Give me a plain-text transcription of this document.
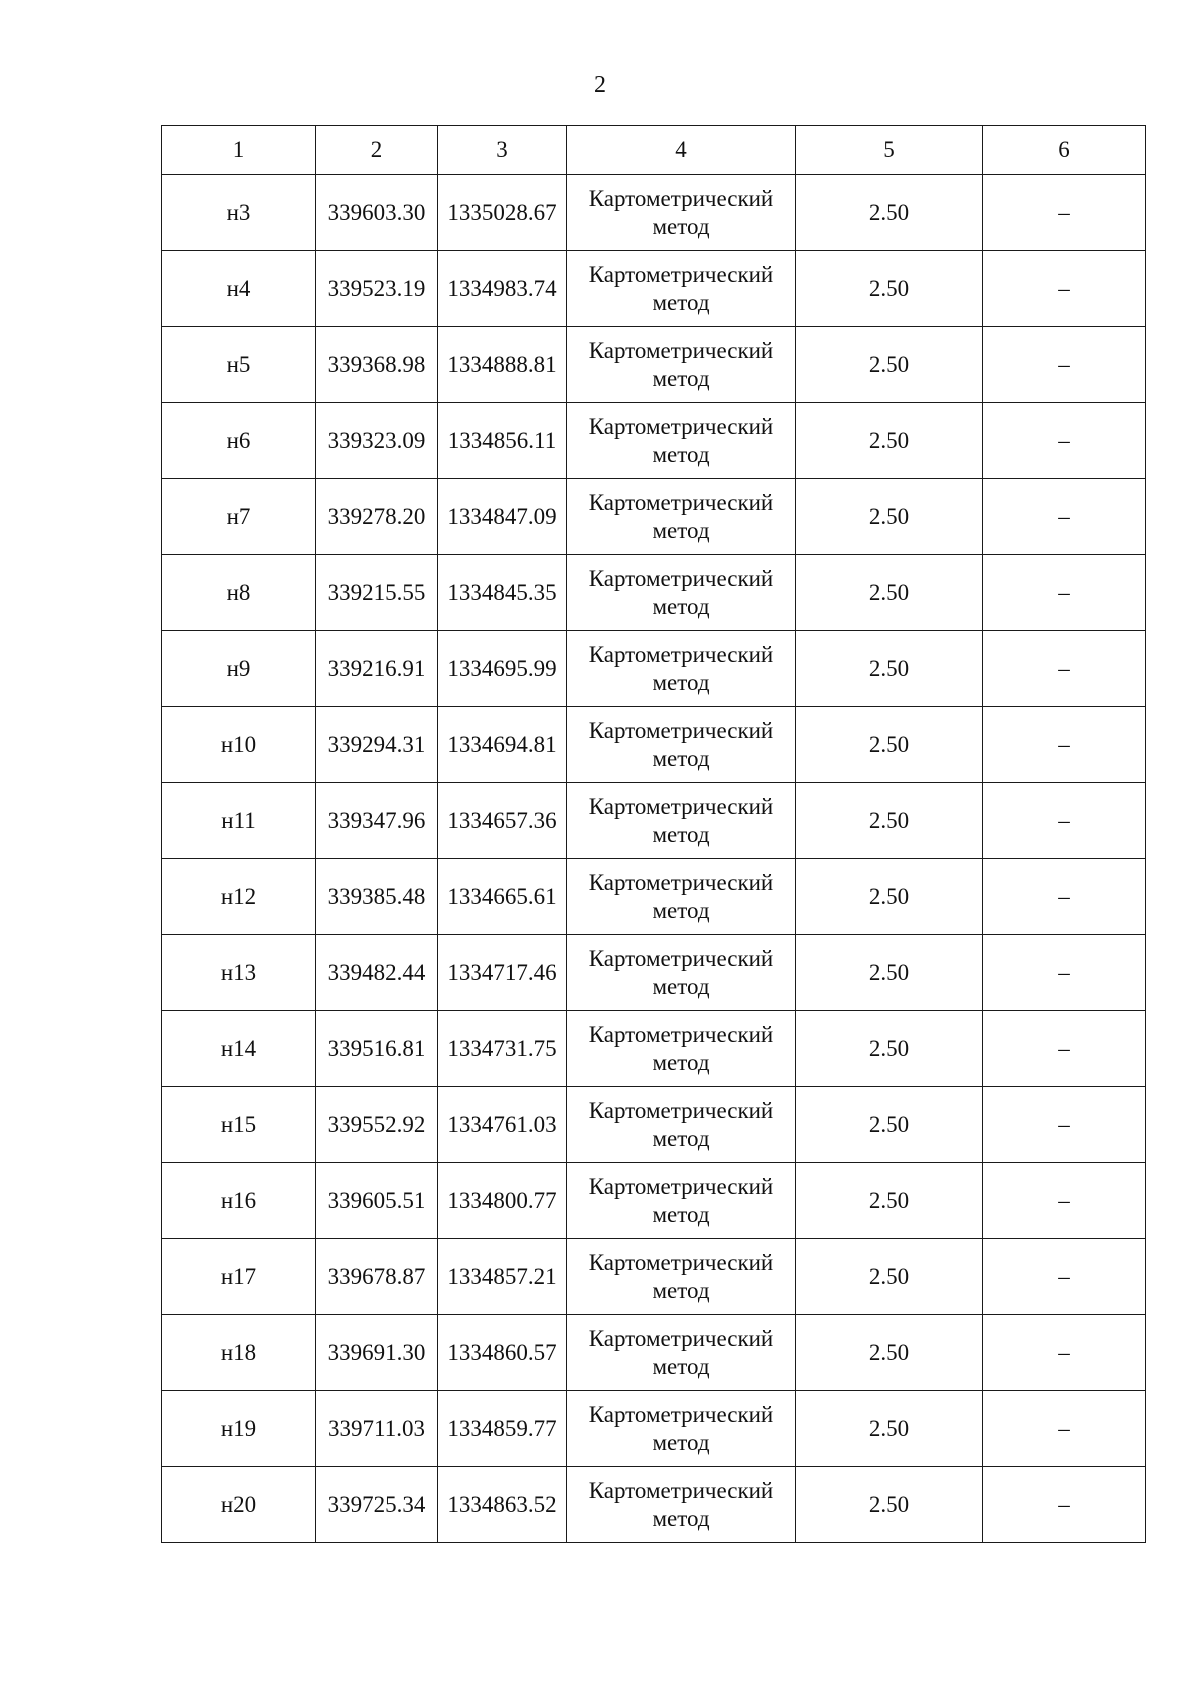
2
1	2	3	4	5	6
н3	339603.30	1335028.67	Картометрический метод	2.50	–
н4	339523.19	1334983.74	Картометрический метод	2.50	–
н5	339368.98	1334888.81	Картометрический метод	2.50	–
н6	339323.09	1334856.11	Картометрический метод	2.50	–
н7	339278.20	1334847.09	Картометрический метод	2.50	–
н8	339215.55	1334845.35	Картометрический метод	2.50	–
н9	339216.91	1334695.99	Картометрический метод	2.50	–
н10	339294.31	1334694.81	Картометрический метод	2.50	–
н11	339347.96	1334657.36	Картометрический метод	2.50	–
н12	339385.48	1334665.61	Картометрический метод	2.50	–
н13	339482.44	1334717.46	Картометрический метод	2.50	–
н14	339516.81	1334731.75	Картометрический метод	2.50	–
н15	339552.92	1334761.03	Картометрический метод	2.50	–
н16	339605.51	1334800.77	Картометрический метод	2.50	–
н17	339678.87	1334857.21	Картометрический метод	2.50	–
н18	339691.30	1334860.57	Картометрический метод	2.50	–
н19	339711.03	1334859.77	Картометрический метод	2.50	–
н20	339725.34	1334863.52	Картометрический метод	2.50	–
